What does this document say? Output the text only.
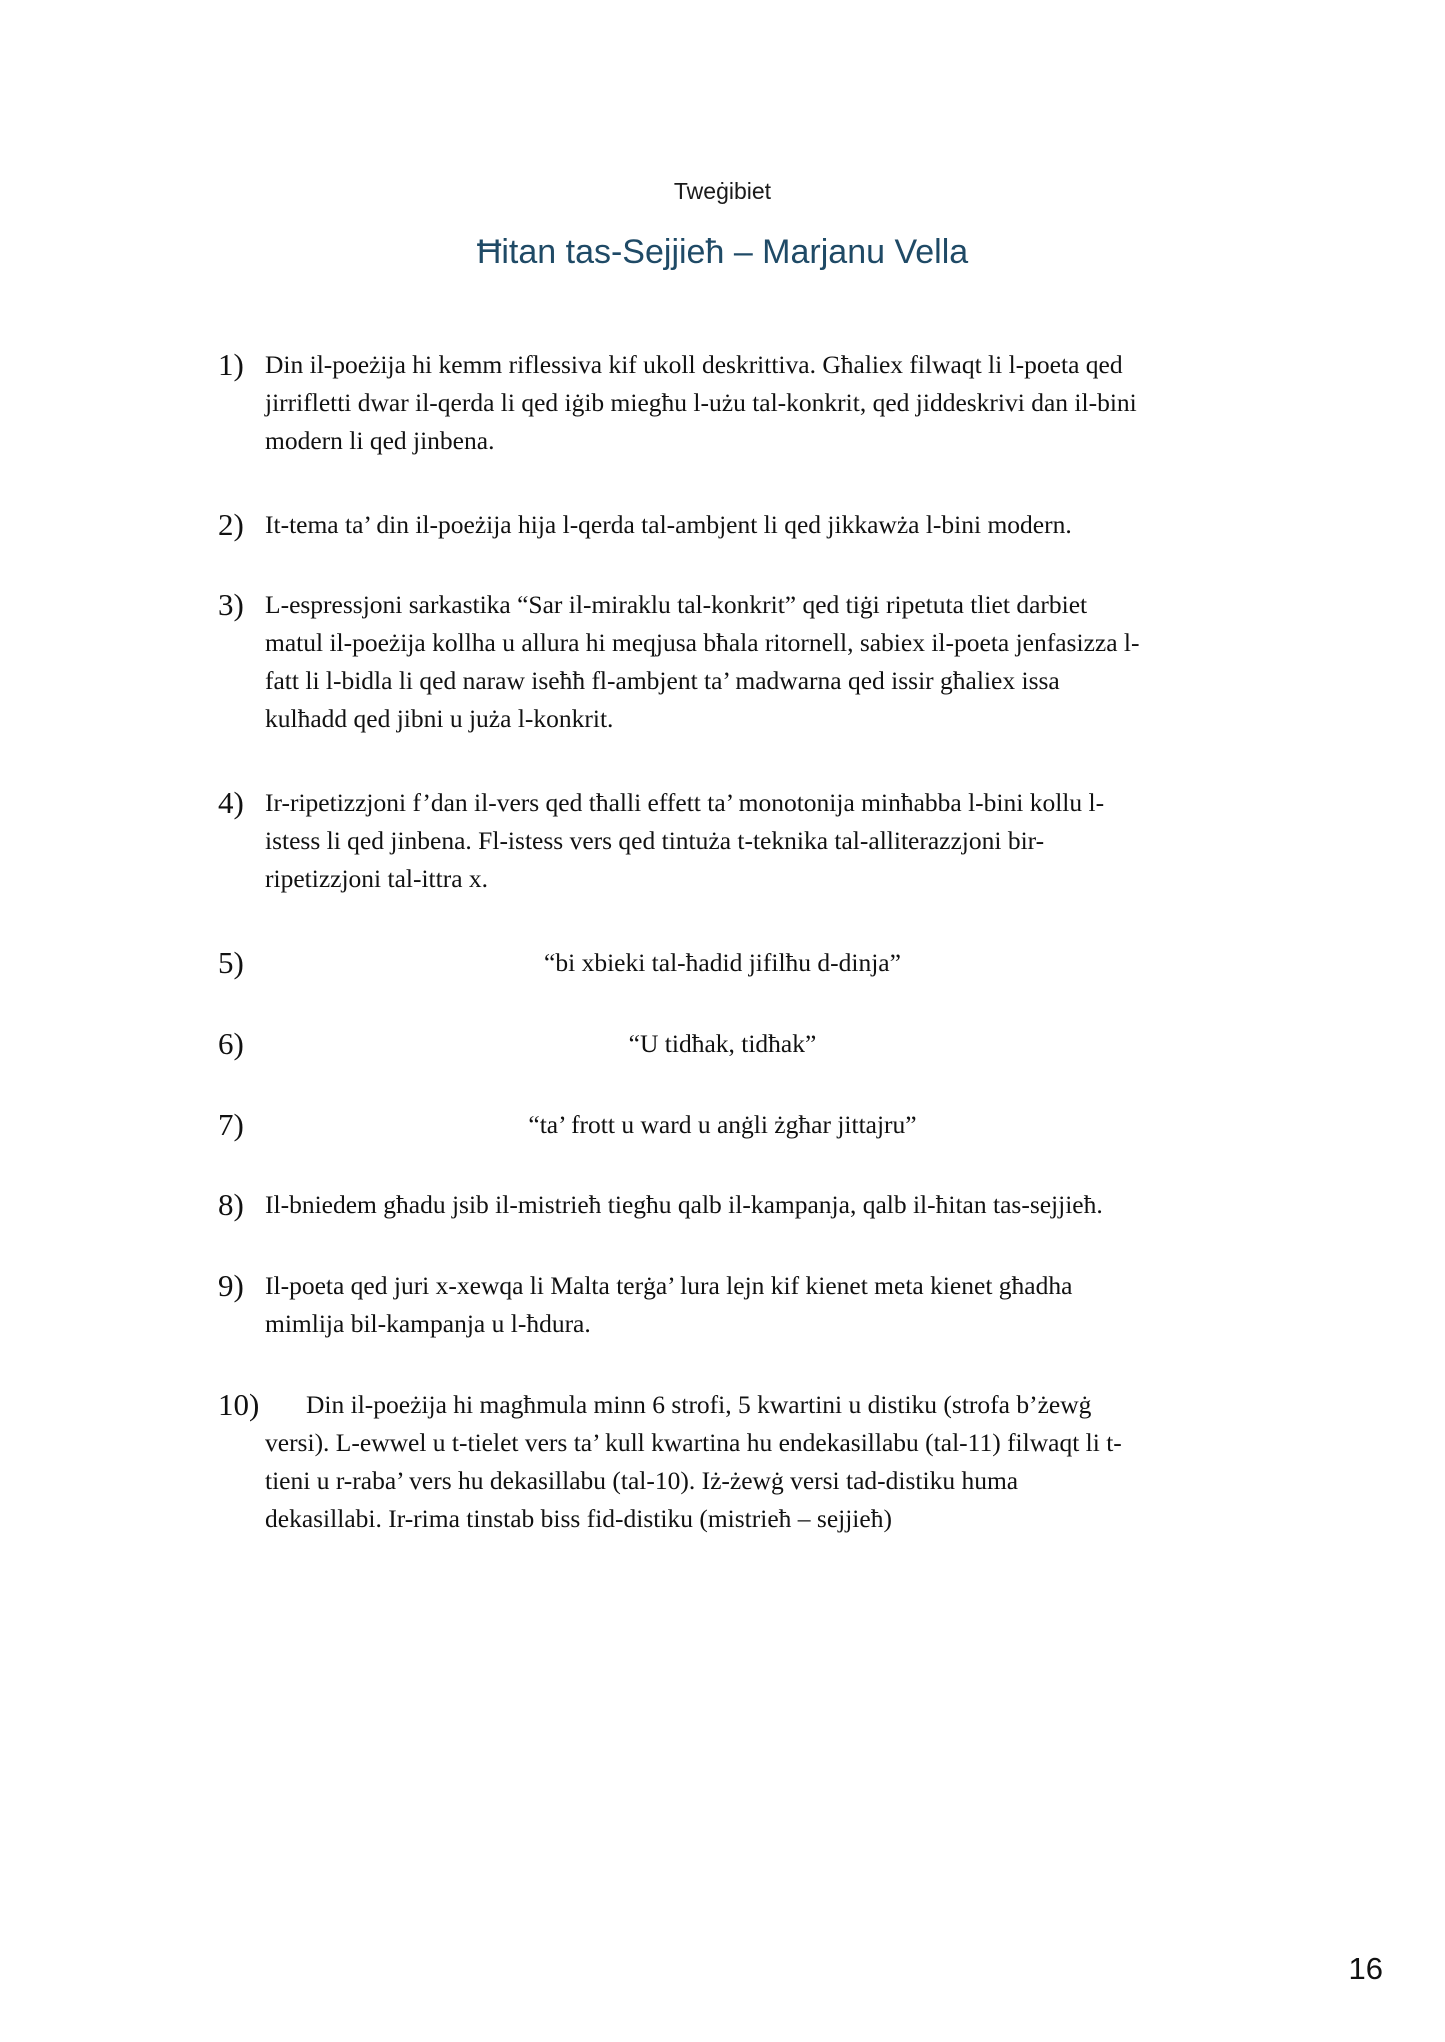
Tweġibiet
Ħitan tas-Sejjieħ – Marjanu Vella
1) Din il-poeżija hi kemm riflessiva kif ukoll deskrittiva. Għaliex filwaqt li l-poeta qed
jirrifletti dwar il-qerda li qed iġib miegħu l-użu tal-konkrit, qed jiddeskrivi dan il-bini
modern li qed jinbena.
2) It-tema ta’ din il-poeżija hija l-qerda tal-ambjent li qed jikkawża l-bini modern.
3) L-espressjoni sarkastika “Sar il-miraklu tal-konkrit” qed tiġi ripetuta tliet darbiet
matul il-poeżija kollha u allura hi meqjusa bħala ritornell, sabiex il-poeta jenfasizza l-
fatt li l-bidla li qed naraw iseħħ fl-ambjent ta’ madwarna qed issir għaliex issa
kulħadd qed jibni u juża l-konkrit.
4) Ir-ripetizzjoni f’dan il-vers qed tħalli effett ta’ monotonija minħabba l-bini kollu l-
istess li qed jinbena. Fl-istess vers qed tintuża t-teknika tal-alliterazzjoni bir-
ripetizzjoni tal-ittra x.
5)	“bi xbieki tal-ħadid jifilħu d-dinja”
6)	“U tidħak, tidħak”
7)	“ta’ frott u ward u anġli żgħar jittajru”
8) Il-bniedem għadu jsib il-mistrieħ tiegħu qalb il-kampanja, qalb il-ħitan tas-sejjieħ.
9) Il-poeta qed juri x-xewqa li Malta terġa’ lura lejn kif kienet meta kienet għadha
mimlija bil-kampanja u l-ħdura.
10)	Din il-poeżija hi magħmula minn 6 strofi, 5 kwartini u distiku (strofa b’żewġ
versi). L-ewwel u t-tielet vers ta’ kull kwartina hu endekasillabu (tal-11) filwaqt li t-
tieni u r-raba’ vers hu dekasillabu (tal-10). Iż-żewġ versi tad-distiku huma
dekasillabi. Ir-rima tinstab biss fid-distiku (mistrieħ – sejjieħ)
16
